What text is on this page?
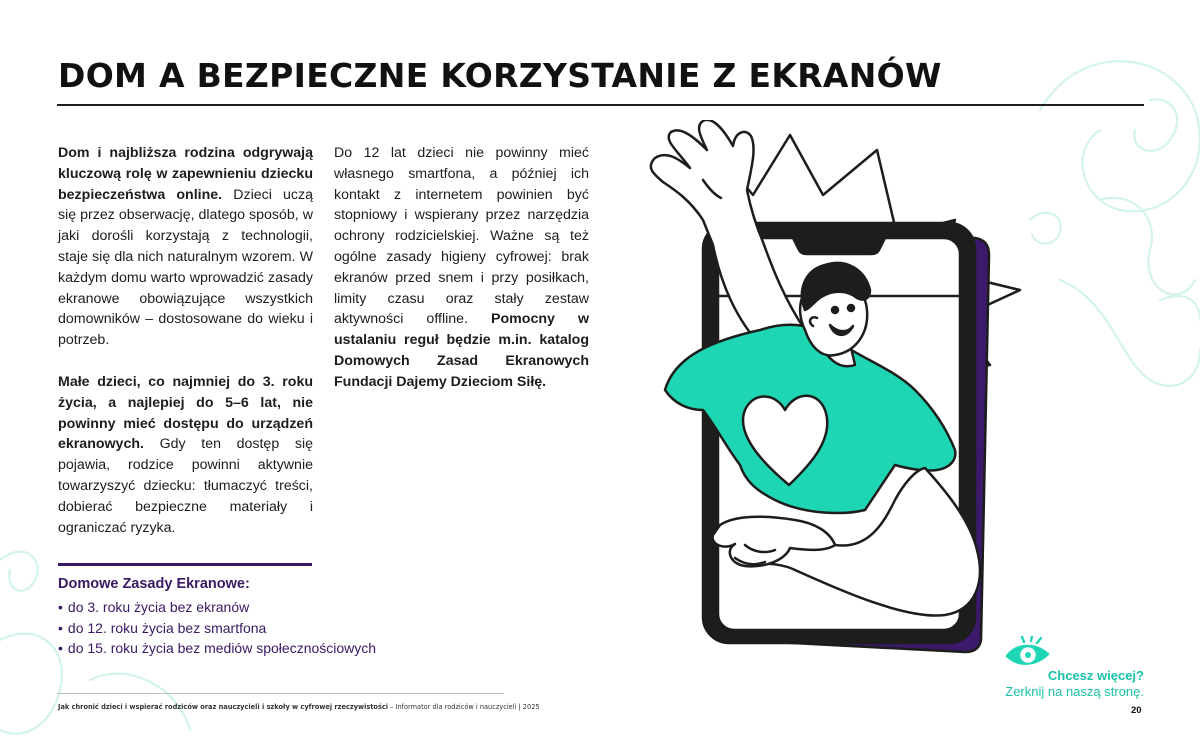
DOM A BEZPIECZNE KORZYSTANIE Z EKRANÓW

Dom i najbliższa rodzina odgrywają kluczową rolę w zapewnieniu dziecku bezpieczeństwa online. Dzieci uczą się przez obserwację, dlatego sposób, w jaki dorośli korzystają z technologii, staje się dla nich naturalnym wzorem. W każdym domu warto wprowadzić zasady ekranowe obowiązujące wszystkich domowników – dostosowane do wieku i potrzeb.

Małe dzieci, co najmniej do 3. roku życia, a najlepiej do 5–6 lat, nie powinny mieć dostępu do urządzeń ekranowych. Gdy ten dostęp się pojawia, rodzice powinni aktywnie towarzyszyć dziecku: tłumaczyć treści, dobierać bezpieczne materiały i ograniczać ryzyka.

Do 12 lat dzieci nie powinny mieć własnego smartfona, a później ich kontakt z internetem powinien być stopniowy i wspierany przez narzędzia ochrony rodzicielskiej. Ważne są też ogólne zasady higieny cyfrowej: brak ekranów przed snem i przy posiłkach, limity czasu oraz stały zestaw aktywności offline. Pomocny w ustalaniu reguł będzie m.in. katalog Domowych Zasad Ekranowych Fundacji Dajemy Dzieciom Siłę.

Domowe Zasady Ekranowe:
• do 3. roku życia bez ekranów
• do 12. roku życia bez smartfona
• do 15. roku życia bez mediów społecznościowych
Jak chronić dzieci i wspierać rodziców oraz nauczycieli i szkoły w cyfrowej rzeczywistości – Informator dla rodziców i nauczycieli | 2025	20
Chcesz więcej?
Zerknij na naszą stronę.
